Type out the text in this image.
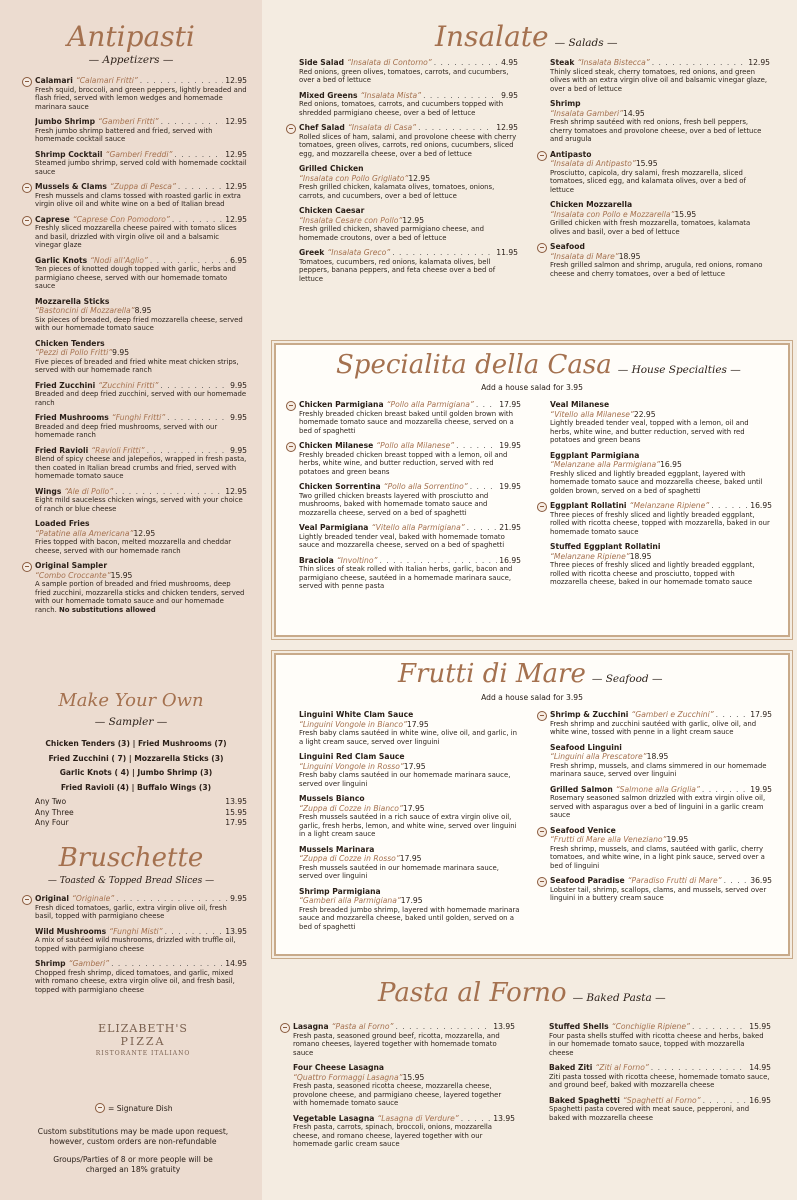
Antipasti
— Appetizers —
Calamari “Calamari Fritti” . . .	12.95
Fresh squid, broccoli, and green peppers, lightly breaded and flash fried, served with lemon wedges and homemade marinara sauce
Jumbo Shrimp “Gamberi Fritti” . . .	12.95
Fresh jumbo shrimp battered and fried, served with homemade cocktail sauce
Shrimp Cocktail “Gamberi Freddi” . . .	12.95
Steamed jumbo shrimp, served cold with homemade cocktail sauce
Mussels & Clams “Zuppa di Pesca” . . .	12.95
Fresh mussels and clams tossed with roasted garlic in extra virgin olive oil and white wine on a bed of Italian bread
Caprese “Caprese Con Pomodoro” . . .	12.95
Freshly sliced mozzarella cheese paired with tomato slices and basil, drizzled with virgin olive oil and a balsamic vinegar glaze
Garlic Knots “Nodi all’Aglio” . . .	6.95
Ten pieces of knotted dough topped with garlic, herbs and parmigiano cheese, served with our homemade tomato sauce
Mozzarella Sticks
“Bastoncini di Mozzarella” 8.95
Six pieces of breaded, deep fried mozzarella cheese, served with our homemade tomato sauce
Chicken Tenders
“Pezzi di Pollo Fritti” 9.95
Five pieces of breaded and fried white meat chicken strips, served with our homemade ranch
Fried Zucchini “Zucchini Fritti” . . .	9.95
Breaded and deep fried zucchini, served with our homemade ranch
Fried Mushrooms “Funghi Fritti” . . .	9.95
Breaded and deep fried mushrooms, served with our homemade ranch
Fried Ravioli “Ravioli Fritti” . . .	9.95
Blend of spicy cheese and jalepeños, wrapped in fresh pasta, then coated in Italian bread crumbs and fried, served with homemade tomato sauce
Wings “Ale di Pollo” . . .	12.95
Eight mild sauceless chicken wings, served with your choice of ranch or blue cheese
Loaded Fries
“Patatine alla Americana” 12.95
Fries topped with bacon, melted mozzarella and cheddar cheese, served with our homemade ranch
Original Sampler
“Combo Croccante” 15.95
A sample portion of breaded and fried mushrooms, deep fried zucchini, mozzarella sticks and chicken tenders, served with our homemade tomato sauce and our homemade ranch. No substitutions allowed
Make Your Own
— Sampler —
Chicken Tenders (3) | Fried Mushrooms (7)
Fried Zucchini ( 7) | Mozzarella Sticks (3)
Garlic Knots ( 4) | Jumbo Shrimp (3)
Fried Ravioli (4) | Buffalo Wings (3)
Any Two	13.95
Any Three	15.95
Any Four	17.95
Bruschette
— Toasted & Topped Bread Slices —
Original “Originale” . . .	9.95
Fresh diced tomatoes, garlic, extra virgin olive oil, fresh basil, topped with parmigiano cheese
Wild Mushrooms “Funghi Misti” . . .	13.95
A mix of sautéed wild mushrooms, drizzled with truffle oil, topped with parmigiano cheese
Shrimp “Gamberi” . . .	14.95
Chopped fresh shrimp, diced tomatoes, and garlic, mixed with romano cheese, extra virgin olive oil, and fresh basil, topped with parmigiano cheese
ELIZABETH'S
PIZZA
RISTORANTE ITALIANO
= Signature Dish
Custom substitutions may be made upon request, however, custom orders are non-refundable
Groups/Parties of 8 or more people will be charged an 18% gratuity
Insalate — Salads —
Side Salad “Insalata di Contorno” . . .	4.95
Red onions, green olives, tomatoes, carrots, and cucumbers, over a bed of lettuce
Mixed Greens “Insalata Mista” . . .	9.95
Red onions, tomatoes, carrots, and cucumbers topped with shredded parmigiano cheese, over a bed of lettuce
Chef Salad “Insalata di Casa” . . .	12.95
Rolled slices of ham, salami, and provolone cheese with cherry tomatoes, green olives, carrots, red onions, cucumbers, sliced egg, and mozzarella cheese, over a bed of lettuce
Grilled Chicken
“Insalata con Pollo Grigliato” 12.95
Fresh grilled chicken, kalamata olives, tomatoes, onions, carrots, and cucumbers, over a bed of lettuce
Chicken Caesar
“Insalata Cesare con Pollo” 12.95
Fresh grilled chicken, shaved parmigiano cheese, and homemade croutons, over a bed of lettuce
Greek “Insalata Greco” . . .	11.95
Tomatoes, cucumbers, red onions, kalamata olives, bell peppers, banana peppers, and feta cheese over a bed of lettuce
Steak “Insalata Bistecca” . . .	12.95
Thinly sliced steak, cherry tomatoes, red onions, and green olives with an extra virgin olive oil and balsamic vinegar glaze, over a bed of lettuce
Shrimp
“Insalata Gamberi” 14.95
Fresh shrimp sautéed with red onions, fresh bell peppers, cherry tomatoes and provolone cheese, over a bed of lettuce and arugula
Antipasto
“Insalata di Antipasto” 15.95
Prosciutto, capicola, dry salami, fresh mozzarella, sliced tomatoes, sliced egg, and kalamata olives, over a bed of lettuce
Chicken Mozzarella
“Insalata con Pollo e Mozzarella” 15.95
Grilled chicken with fresh mozzarella, tomatoes, kalamata olives and basil, over a bed of lettuce
Seafood
“Insalata di Mare” 18.95
Fresh grilled salmon and shrimp, arugula, red onions, romano cheese and cherry tomatoes, over a bed of lettuce
Specialita della Casa — House Specialties —
Add a house salad for 3.95
Chicken Parmigiana “Pollo alla Parmigiana” . . .	17.95
Freshly breaded chicken breast baked until golden brown with homemade tomato sauce and mozzarella cheese, served on a bed of spaghetti
Chicken Milanese “Pollo alla Milanese” . . .	19.95
Freshly breaded chicken breast topped with a lemon, oil and herbs, white wine, and butter reduction, served with red potatoes and green beans
Chicken Sorrentina “Pollo alla Sorrentino” . . .	19.95
Two grilled chicken breasts layered with prosciutto and mushrooms, baked with homemade tomato sauce and mozzarella cheese, served on a bed of spaghetti
Veal Parmigiana “Vitello alla Parmigiana” . . .	21.95
Lightly breaded tender veal, baked with homemade tomato sauce and mozzarella cheese, served on a bed of spaghetti
Braciola “Involtino” . . .	16.95
Thin slices of steak rolled with Italian herbs, garlic, bacon and parmigiano cheese, sautéed in a homemade marinara sauce, served with penne pasta
Veal Milanese
“Vitello alla Milanese” 22.95
Lightly breaded tender veal, topped with a lemon, oil and herbs, white wine, and butter reduction, served with red potatoes and green beans
Eggplant Parmigiana
“Melanzane alla Parmigiana” 16.95
Freshly sliced and lightly breaded eggplant, layered with homemade tomato sauce and mozzarella cheese, baked until golden brown, served on a bed of spaghetti
Eggplant Rollatini “Melanzane Ripiene” . . .	16.95
Three pieces of freshly sliced and lightly breaded eggplant, rolled with ricotta cheese, topped with mozzarella, baked in our homemade tomato sauce
Stuffed Eggplant Rollatini
“Melanzane Ripiene” 18.95
Three pieces of freshly sliced and lightly breaded eggplant, rolled with ricotta cheese and prosciutto, topped with mozzarella cheese, baked in our homemade tomato sauce
Frutti di Mare — Seafood —
Add a house salad for 3.95
Linguini White Clam Sauce
“Linguini Vongole in Bianco” 17.95
Fresh baby clams sautéed in white wine, olive oil, and garlic, in a light cream sauce, served over linguini
Linguini Red Clam Sauce
“Linguini Vongole in Rosso” 17.95
Fresh baby clams sautéed in our homemade marinara sauce, served over linguini
Mussels Bianco
“Zuppa di Cozze in Bianco” 17.95
Fresh mussels sautéed in a rich sauce of extra virgin olive oil, garlic, fresh herbs, lemon, and white wine, served over linguini in a light cream sauce
Mussels Marinara
“Zuppa di Cozze in Rosso” 17.95
Fresh mussels sautéed in our homemade marinara sauce, served over linguini
Shrimp Parmigiana
“Gamberi alla Parmigiana” 17.95
Fresh breaded jumbo shrimp, layered with homemade marinara sauce and mozzarella cheese, baked until golden, served on a bed of spaghetti
Shrimp & Zucchini “Gamberi e Zucchini” . . .	17.95
Fresh shrimp and zucchini sautéed with garlic, olive oil, and white wine, tossed with penne in a light cream sauce
Seafood Linguini
“Linguini alla Prescatore” 18.95
Fresh shrimp, mussels, and clams simmered in our homemade marinara sauce, served over linguini
Grilled Salmon “Salmone alla Griglia” . . .	19.95
Rosemary seasoned salmon drizzled with extra virgin olive oil, served with asparagus over a bed of linguini in a garlic cream sauce
Seafood Venice
“Frutti di Mare alla Veneziano” 19.95
Fresh shrimp, mussels, and clams, sautéed with garlic, cherry tomatoes, and white wine, in a light pink sauce, served over a bed of linguini
Seafood Paradise “Paradiso Frutti di Mare” . . .	36.95
Lobster tail, shrimp, scallops, clams, and mussels, served over linguini in a buttery cream sauce
Pasta al Forno — Baked Pasta —
Lasagna “Pasta al Forno” . . .	13.95
Fresh pasta, seasoned ground beef, ricotta, mozzarella, and romano cheeses, layered together with homemade tomato sauce
Four Cheese Lasagna
“Quattro Formaggi Lasagna” 15.95
Fresh pasta, seasoned ricotta cheese, mozzarella cheese, provolone cheese, and parmigiano cheese, layered together with homemade tomato sauce
Vegetable Lasagna “Lasagna di Verdure” . . .	13.95
Fresh pasta, carrots, spinach, broccoli, onions, mozzarella cheese, and romano cheese, layered together with our homemade garlic cream sauce
Stuffed Shells “Conchiglie Ripiene” . . .	15.95
Four pasta shells stuffed with ricotta cheese and herbs, baked in our homemade tomato sauce, topped with mozzarella cheese
Baked Ziti “Ziti al Forno” . . .	14.95
Ziti pasta tossed with ricotta cheese, homemade tomato sauce, and ground beef, baked with mozzarella cheese
Baked Spaghetti “Spaghetti al Forno” . . .	16.95
Spaghetti pasta covered with meat sauce, pepperoni, and baked with mozzarella cheese
